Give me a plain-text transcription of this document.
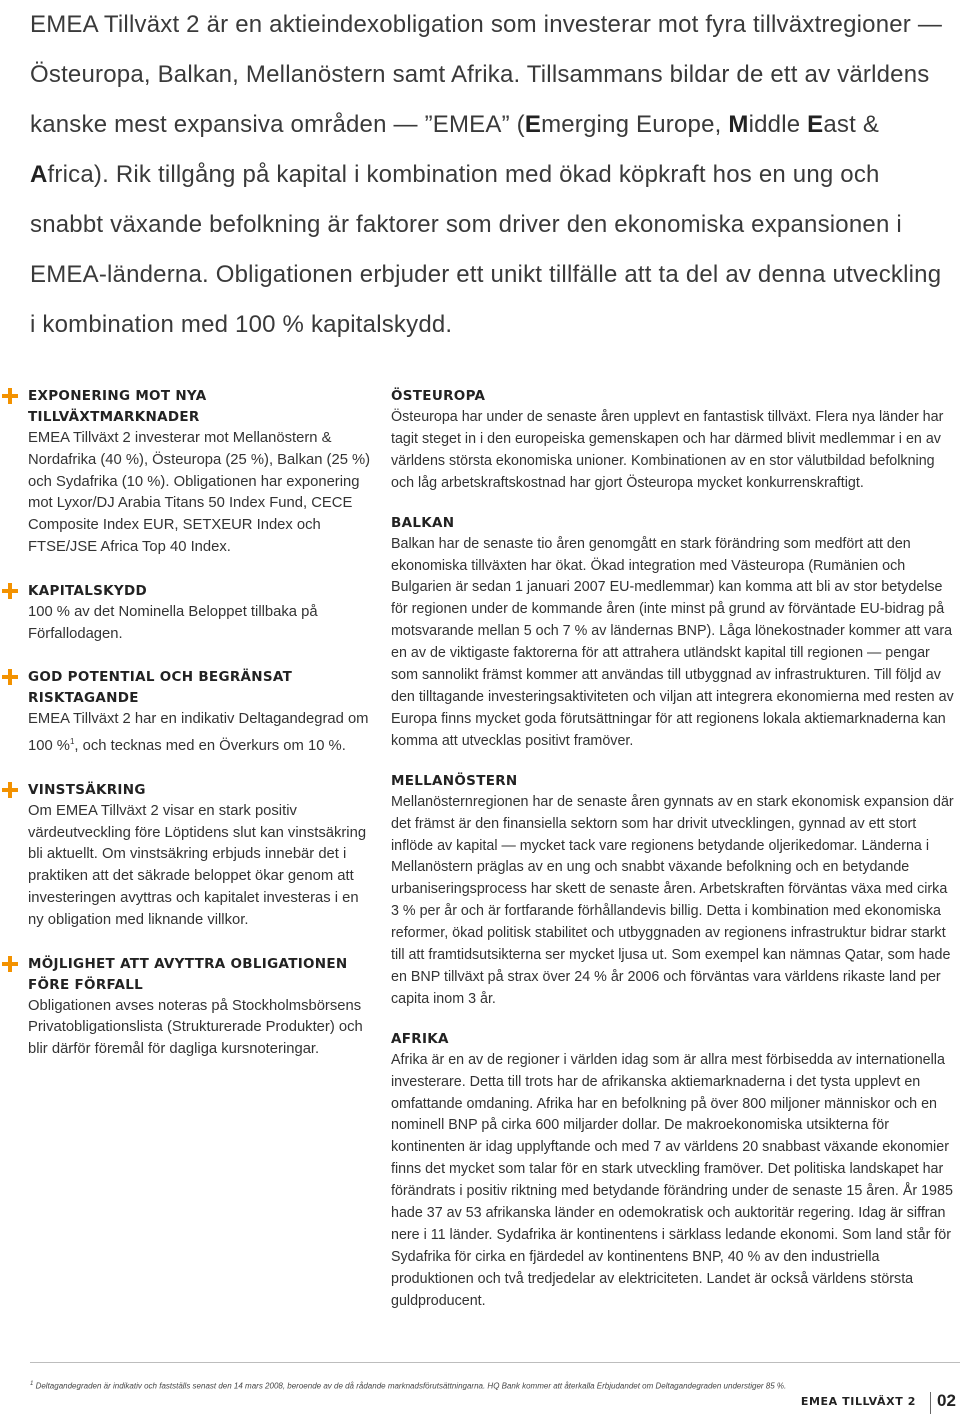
EMEA Tillväxt 2 är en aktieindexobligation som investerar mot fyra tillväxtregioner — Östeuropa, Balkan, Mellanöstern samt Afrika. Tillsammans bildar de ett av världens kanske mest expansiva områden — ”EMEA” (Emerging Europe, Middle East & Africa). Rik tillgång på kapital i kombination med ökad köpkraft hos en ung och snabbt växande befolkning är faktorer som driver den ekonomiska expansionen i EMEA-länderna. Obligationen erbjuder ett unikt tillfälle att ta del av denna utveckling i kombination med 100 % kapitalskydd.

EXPONERING MOT NYA TILLVÄXTMARKNADER

EMEA Tillväxt 2 investerar mot Mellanöstern & Nordafrika (40 %), Östeuropa (25 %), Balkan (25 %) och Sydafrika (10 %). Obligationen har exponering mot Lyxor/DJ Arabia Titans 50 Index Fund, CECE Composite Index EUR, SETXEUR Index och FTSE/JSE Africa Top 40 Index.

KAPITALSKYDD

100 % av det Nominella Beloppet tillbaka på Förfallodagen.

GOD POTENTIAL OCH BEGRÄNSAT RISKTAGANDE

EMEA Tillväxt 2 har en indikativ Deltagandegrad om 100 %$^1$, och tecknas med en Överkurs om 10 %.

VINSTSÄKRING

Om EMEA Tillväxt 2 visar en stark positiv värdeutveckling före Löptidens slut kan vinstsäkring bli aktuellt. Om vinstsäkring erbjuds innebär det i praktiken att det säkrade beloppet ökar genom att investeringen avyttras och kapitalet investeras i en ny obligation med liknande villkor.

MÖJLIGHET ATT AVYTTRA OBLIGATIONEN FÖRE FÖRFALL

Obligationen avses noteras på Stockholmsbörsens Privatobligationslista (Strukturerade Produkter) och blir därför föremål för dagliga kursnoteringar.

ÖSTEUROPA

Östeuropa har under de senaste åren upplevt en fantastisk tillväxt. Flera nya länder har tagit steget in i den europeiska gemenskapen och har därmed blivit medlemmar i en av världens största ekonomiska unioner. Kombinationen av en stor välutbildad befolkning och låg arbetskraftskostnad har gjort Östeuropa mycket konkurrenskraftigt.

BALKAN

Balkan har de senaste tio åren genomgått en stark förändring som medfört att den ekonomiska tillväxten har ökat. Ökad integration med Västeuropa (Rumänien och Bulgarien är sedan 1 januari 2007 EU-medlemmar) kan komma att bli av stor betydelse för regionen under de kommande åren (inte minst på grund av förväntade EU-bidrag på motsvarande mellan 5 och 7 % av ländernas BNP). Låga lönekostnader kommer att vara en av de viktigaste faktorerna för att attrahera utländskt kapital till regionen — pengar som sannolikt främst kommer att användas till utbyggnad av infrastrukturen. Till följd av den tilltagande investeringsaktiviteten och viljan att integrera ekonomierna med resten av Europa finns mycket goda förutsättningar för att regionens lokala aktiemarknaderna kan komma att utvecklas positivt framöver.

MELLANÖSTERN

Mellanösternregionen har de senaste åren gynnats av en stark ekonomisk expansion där det främst är den finansiella sektorn som har drivit utvecklingen, gynnad av ett stort inflöde av kapital — mycket tack vare regionens betydande oljerikedomar. Länderna i Mellanöstern präglas av en ung och snabbt växande befolkning och en betydande urbaniseringsprocess har skett de senaste åren. Arbetskraften förväntas växa med cirka 3 % per år och är fortfarande förhållandevis billig. Detta i kombination med ekonomiska reformer, ökad politisk stabilitet och utbyggnaden av regionens infrastruktur bidrar starkt till att framtidsutsikterna ser mycket ljusa ut. Som exempel kan nämnas Qatar, som hade en BNP tillväxt på strax över 24 % år 2006 och förväntas vara världens rikaste land per capita inom 3 år.

AFRIKA

Afrika är en av de regioner i världen idag som är allra mest förbisedda av internationella investerare. Detta till trots har de afrikanska aktiemarknaderna i det tysta upplevt en omfattande omdaning. Afrika har en befolkning på över 800 miljoner människor och en nominell BNP på cirka 600 miljarder dollar. De makroekonomiska utsikterna för kontinenten är idag upplyftande och med 7 av världens 20 snabbast växande ekonomier finns det mycket som talar för en stark utveckling framöver. Det politiska landskapet har förändrats i positiv riktning med betydande förändring under de senaste 15 åren. År 1985 hade 37 av 53 afrikanska länder en odemokratisk och auktoritär regering. Idag är siffran nere i 11 länder. Sydafrika är kontinentens i särklass ledande ekonomi. Som land står för Sydafrika för cirka en fjärdedel av kontinentens BNP, 40 % av den industriella produktionen och två tredjedelar av elektriciteten. Landet är också världens största guldproducent.

$^1$ Deltagandegraden är indikativ och fastställs senast den 14 mars 2008, beroende av de då rådande marknadsförutsättningarna. HQ Bank kommer att återkalla Erbjudandet om Deltagandegraden understiger 85 %.
EMEA TILLVÄXT 2 02
